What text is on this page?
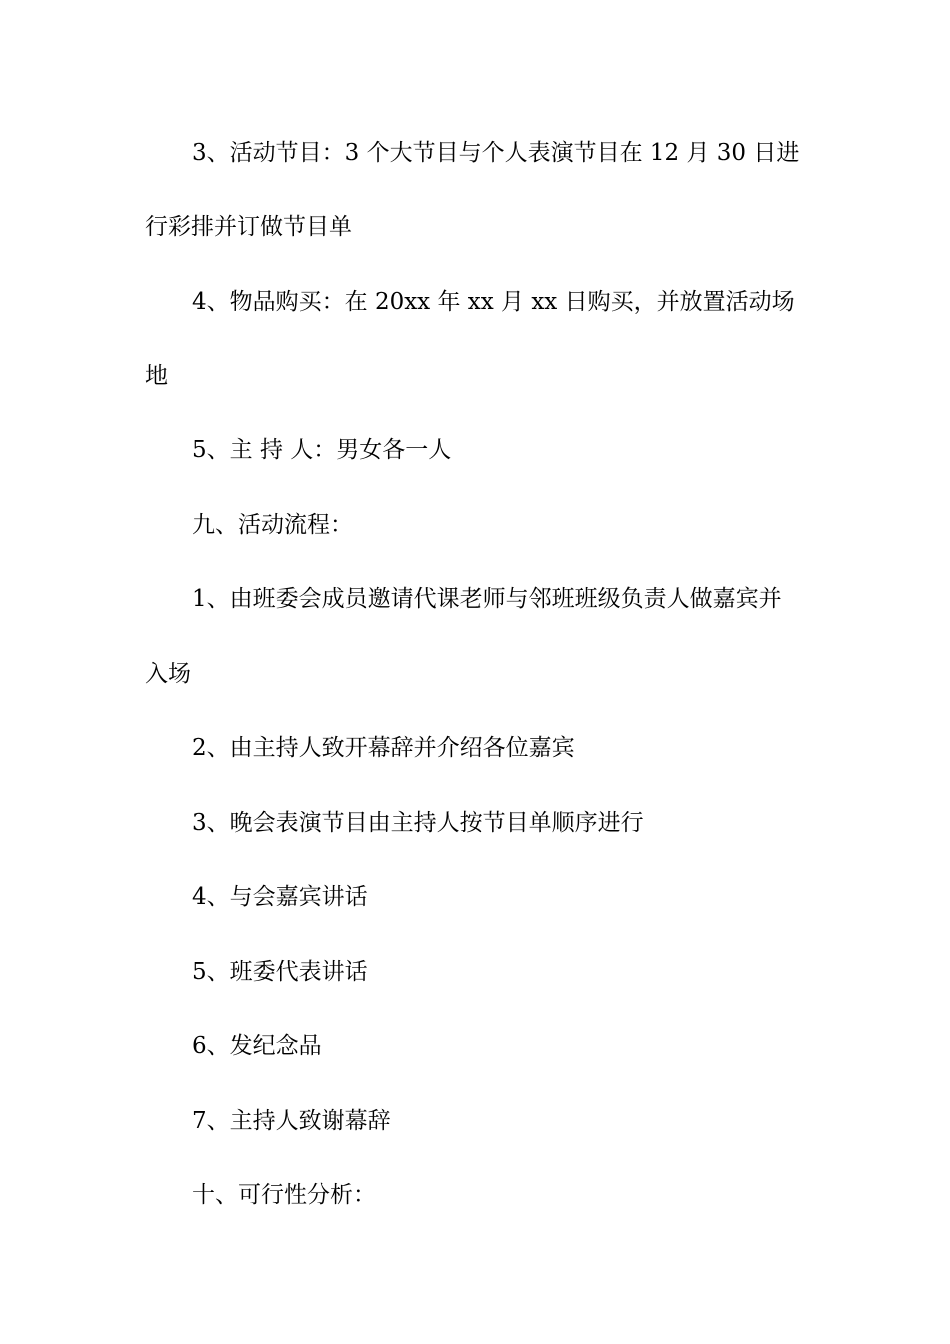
3、活动节目：3 个大节目与个人表演节目在 12 月 30 日进
行彩排并订做节目单
4、物品购买：在 20xx 年 xx 月 xx 日购买，并放置活动场
地
5、主 持 人：男女各一人
九、活动流程：
1、由班委会成员邀请代课老师与邻班班级负责人做嘉宾并
入场
2、由主持人致开幕辞并介绍各位嘉宾
3、晚会表演节目由主持人按节目单顺序进行
4、与会嘉宾讲话
5、班委代表讲话
6、发纪念品
7、主持人致谢幕辞
十、可行性分析：
